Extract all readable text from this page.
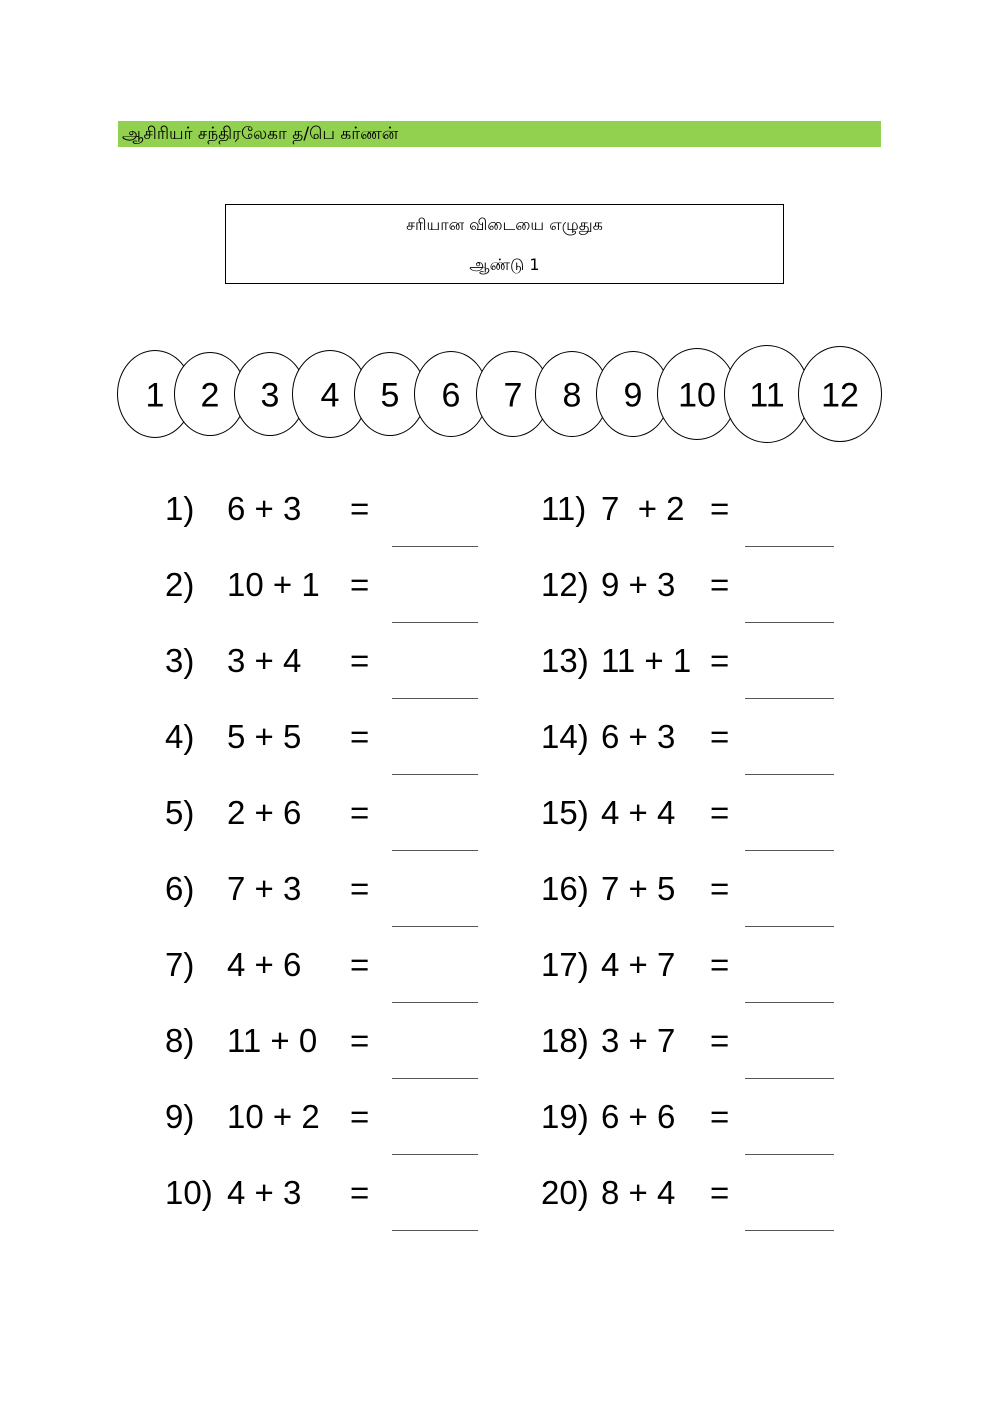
ஆசிரியர் சந்திரலேகா த/பெ கர்ணன்
சரியான விடையை எழுதுக
ஆண்டு 1
1 2 3 4 5 6 7 8 9 10 11 12
1) 6 + 3 =
2) 10 + 1 =
3) 3 + 4 =
4) 5 + 5 =
5) 2 + 6 =
6) 7 + 3 =
7) 4 + 6 =
8) 11 + 0 =
9) 10 + 2 =
10) 4 + 3 =
11) 7  + 2 =
12) 9 + 3 =
13) 11 + 1 =
14) 6 + 3 =
15) 4 + 4 =
16) 7 + 5 =
17) 4 + 7 =
18) 3 + 7 =
19) 6 + 6 =
20) 8 + 4 =
